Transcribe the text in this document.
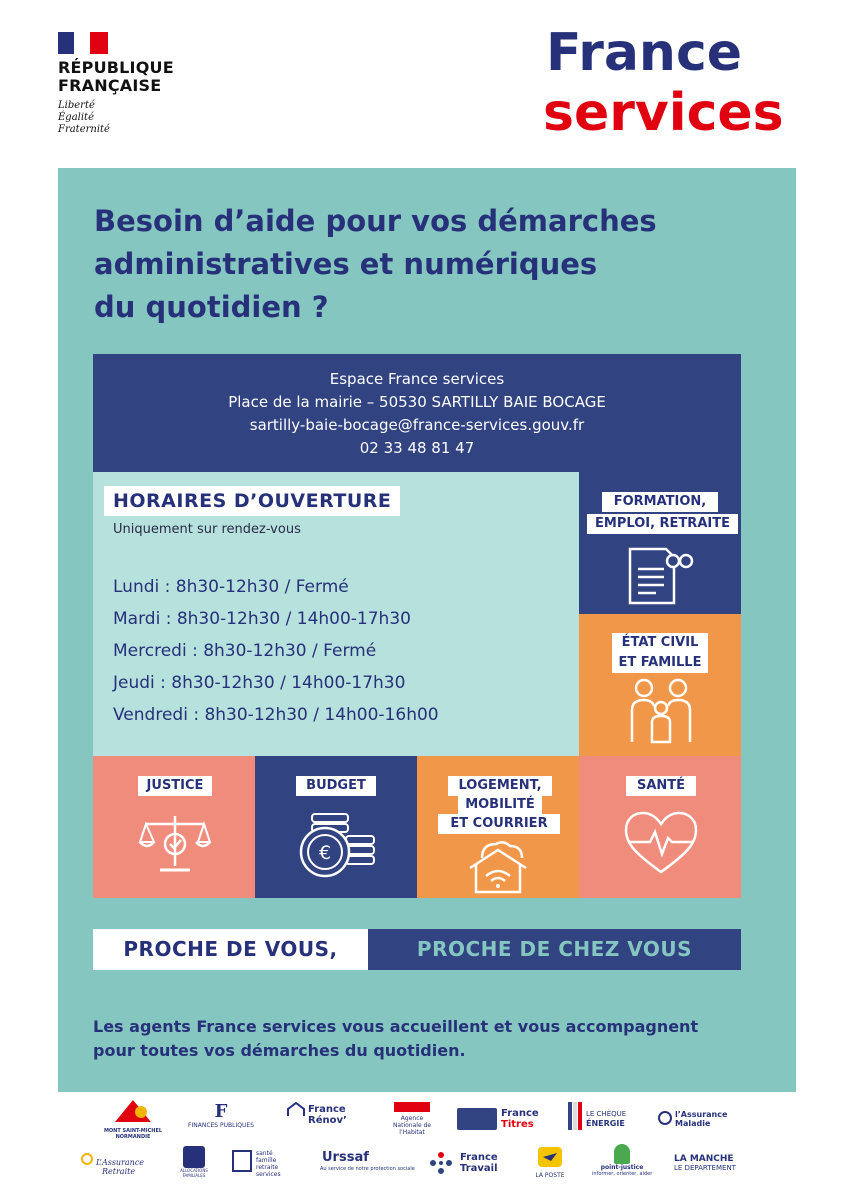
RÉPUBLIQUE
FRANÇAISE
Liberté
Égalité
Fraternité
France
services
Besoin d’aide pour vos démarches
administratives et numériques
du quotidien ?
Espace France services
Place de la mairie – 50530 SARTILLY BAIE BOCAGE
sartilly-baie-bocage@france-services.gouv.fr
02 33 48 81 47
HORAIRES D’OUVERTURE
Uniquement sur rendez-vous
Lundi : 8h30-12h30 / Fermé
Mardi : 8h30-12h30 / 14h00-17h30
Mercredi : 8h30-12h30 / Fermé
Jeudi : 8h30-12h30 / 14h00-17h30
Vendredi : 8h30-12h30 / 14h00-16h00
FORMATION,
EMPLOI, RETRAITE
ÉTAT CIVIL
ET FAMILLE
JUSTICE	BUDGET
€
LOGEMENT,
MOBILITÉ
ET COURRIER
SANTÉ
PROCHE DE VOUS,	PROCHE DE CHEZ VOUS
Les agents France services vous accueillent et vous accompagnent
pour toutes vos démarches du quotidien.
MONT SAINT-MICHEL NORMANDIE
F
FINANCES PUBLIQUES
France
Rénov’	Agence Nationale de l’Habitat
France
Titres
LE CHÈQUE
ÉNERGIE
l’Assurance
Maladie
L’Assurance
Retraite	ALLOCATIONS FAMILIALES
santé famille retraite services
Urssaf
Au service de notre protection sociale
France
Travail
LA POSTE
point-justice
informer, orienter, aider
LA MANCHE
LE DÉPARTEMENT
